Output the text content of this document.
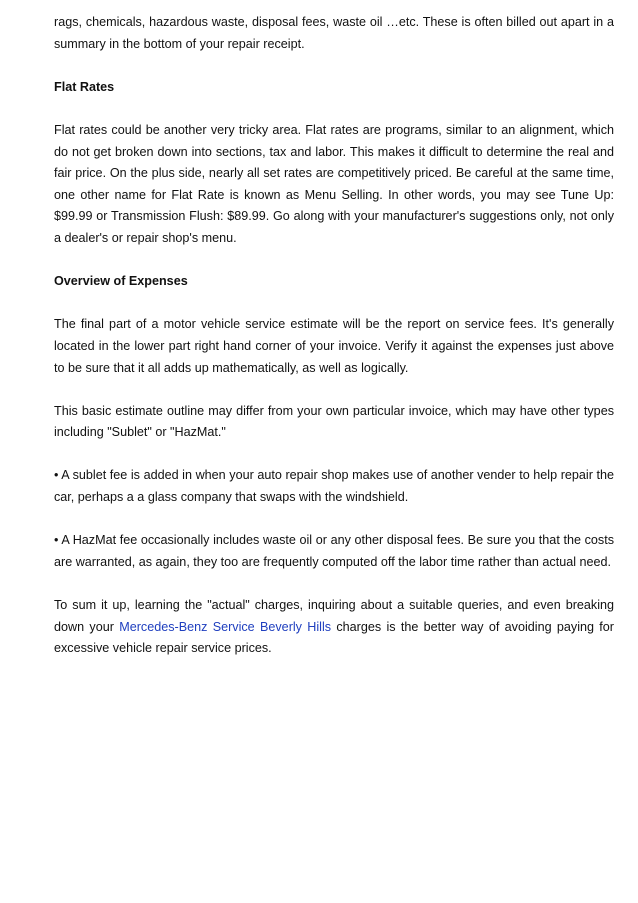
rags, chemicals, hazardous waste, disposal fees, waste oil …etc. These is often billed out apart in a summary in the bottom of your repair receipt.

Flat Rates

Flat rates could be another very tricky area. Flat rates are programs, similar to an alignment, which do not get broken down into sections, tax and labor. This makes it difficult to determine the real and fair price. On the plus side, nearly all set rates are competitively priced. Be careful at the same time, one other name for Flat Rate is known as Menu Selling. In other words, you may see Tune Up: $99.99 or Transmission Flush: $89.99. Go along with your manufacturer's suggestions only, not only a dealer's or repair shop's menu.

Overview of Expenses

The final part of a motor vehicle service estimate will be the report on service fees. It's generally located in the lower part right hand corner of your invoice. Verify it against the expenses just above to be sure that it all adds up mathematically, as well as logically.

This basic estimate outline may differ from your own particular invoice, which may have other types including "Sublet" or "HazMat."

• A sublet fee is added in when your auto repair shop makes use of another vender to help repair the car, perhaps a a glass company that swaps with the windshield.

• A HazMat fee occasionally includes waste oil or any other disposal fees. Be sure you that the costs are warranted, as again, they too are frequently computed off the labor time rather than actual need.

To sum it up, learning the "actual" charges, inquiring about a suitable queries, and even breaking down your Mercedes-Benz Service Beverly Hills charges is the better way of avoiding paying for excessive vehicle repair service prices.
